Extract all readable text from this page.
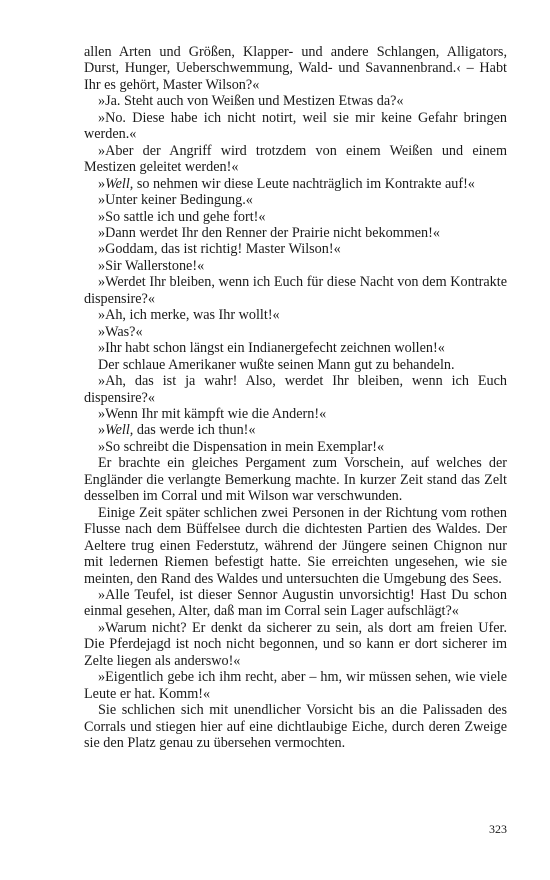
allen Arten und Größen, Klapper- und andere Schlangen, Alligators, Durst, Hunger, Ueberschwemmung, Wald- und Savannenbrand.‹ – Habt Ihr es gehört, Master Wilson?«

»Ja. Steht auch von Weißen und Mestizen Etwas da?«

»No. Diese habe ich nicht notirt, weil sie mir keine Gefahr bringen werden.«

»Aber der Angriff wird trotzdem von einem Weißen und einem Mestizen geleitet werden!«

»Well, so nehmen wir diese Leute nachträglich im Kontrakte auf!«

»Unter keiner Bedingung.«

»So sattle ich und gehe fort!«

»Dann werdet Ihr den Renner der Prairie nicht bekommen!«

»Goddam, das ist richtig! Master Wilson!«

»Sir Wallerstone!«

»Werdet Ihr bleiben, wenn ich Euch für diese Nacht von dem Kontrakte dispensire?«

»Ah, ich merke, was Ihr wollt!«

»Was?«

»Ihr habt schon längst ein Indianergefecht zeichnen wollen!«

Der schlaue Amerikaner wußte seinen Mann gut zu behandeln.

»Ah, das ist ja wahr! Also, werdet Ihr bleiben, wenn ich Euch dispensire?«

»Wenn Ihr mit kämpft wie die Andern!«

»Well, das werde ich thun!«

»So schreibt die Dispensation in mein Exemplar!«

Er brachte ein gleiches Pergament zum Vorschein, auf welches der Engländer die verlangte Bemerkung machte. In kurzer Zeit stand das Zelt desselben im Corral und mit Wilson war verschwunden.

Einige Zeit später schlichen zwei Personen in der Richtung vom rothen Flusse nach dem Büffelsee durch die dichtesten Partien des Waldes. Der Aeltere trug einen Federstutz, während der Jüngere seinen Chignon nur mit ledernen Riemen befestigt hatte. Sie erreichten ungesehen, wie sie meinten, den Rand des Waldes und untersuchten die Umgebung des Sees.

»Alle Teufel, ist dieser Sennor Augustin unvorsichtig! Hast Du schon einmal gesehen, Alter, daß man im Corral sein Lager aufschlägt?«

»Warum nicht? Er denkt da sicherer zu sein, als dort am freien Ufer. Die Pferdejagd ist noch nicht begonnen, und so kann er dort sicherer im Zelte liegen als anderswo!«

»Eigentlich gebe ich ihm recht, aber – hm, wir müssen sehen, wie viele Leute er hat. Komm!«

Sie schlichen sich mit unendlicher Vorsicht bis an die Palissaden des Corrals und stiegen hier auf eine dichtlaubige Eiche, durch deren Zweige sie den Platz genau zu übersehen vermochten.

323
